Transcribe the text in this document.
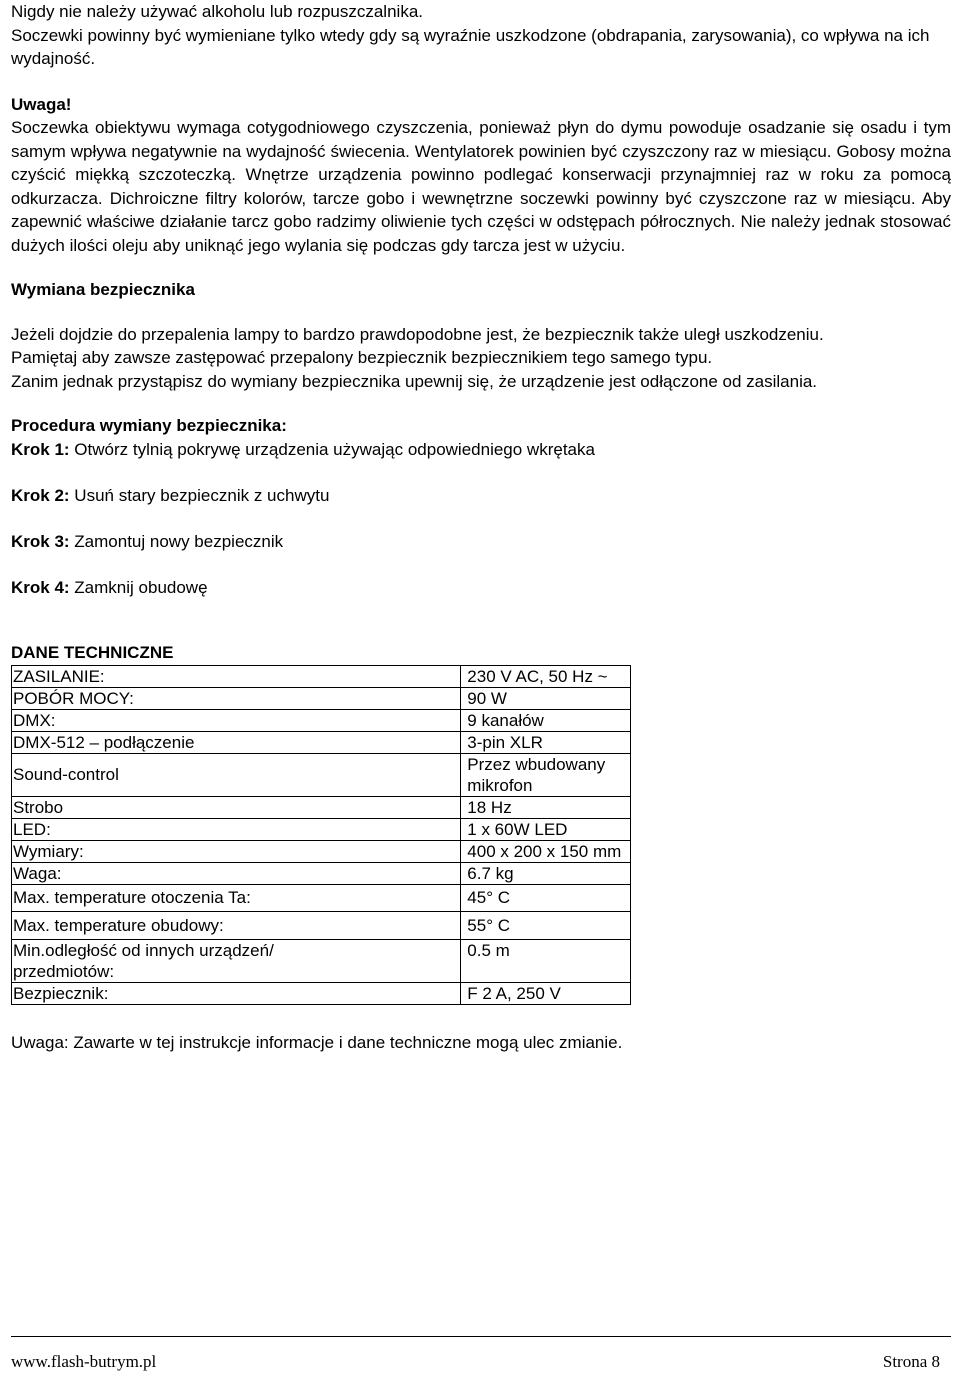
Nigdy nie należy używać alkoholu lub rozpuszczalnika.

Soczewki powinny być wymieniane tylko wtedy gdy są wyraźnie uszkodzone (obdrapania, zarysowania), co wpływa na ich wydajność.

Uwaga!

Soczewka obiektywu wymaga cotygodniowego czyszczenia, ponieważ płyn do dymu powoduje osadzanie się osadu i tym samym wpływa negatywnie na wydajność świecenia. Wentylatorek powinien być czyszczony raz w miesiącu. Gobosy można czyścić miękką szczoteczką. Wnętrze urządzenia powinno podlegać konserwacji przynajmniej raz w roku za pomocą odkurzacza. Dichroiczne filtry kolorów, tarcze gobo i wewnętrzne soczewki powinny być czyszczone raz w miesiącu. Aby zapewnić właściwe działanie tarcz gobo radzimy oliwienie tych części w odstępach półrocznych. Nie należy jednak stosować dużych ilości oleju aby uniknąć jego wylania się podczas gdy tarcza jest w użyciu.

Wymiana bezpiecznika

Jeżeli dojdzie do przepalenia lampy to bardzo prawdopodobne jest, że bezpiecznik także uległ uszkodzeniu.

Pamiętaj aby zawsze zastępować przepalony bezpiecznik bezpiecznikiem tego samego typu.

Zanim jednak przystąpisz do wymiany bezpiecznika upewnij się, że urządzenie jest odłączone od zasilania.

Procedura wymiany bezpiecznika:

Krok 1: Otwórz tylnią pokrywę urządzenia używając odpowiedniego wkrętaka

Krok 2: Usuń stary bezpiecznik z uchwytu

Krok 3: Zamontuj nowy bezpiecznik

Krok 4: Zamknij obudowę

DANE TECHNICZNE

ZASILANIE:	230 V AC, 50 Hz ~
POBÓR MOCY:	90 W
DMX:	9 kanałów
DMX-512 – podłączenie	3-pin XLR
Sound-control	Przez wbudowany mikrofon
Strobo	18 Hz
LED:	1 x 60W LED
Wymiary:	400 x 200 x 150 mm
Waga:	6.7 kg
Max. temperature otoczenia Ta:	45° C
Max. temperature obudowy:	55° C
Min.odległość od innych urządzeń/ przedmiotów:	0.5 m
Bezpiecznik:	F 2 A, 250 V

Uwaga: Zawarte w tej instrukcje informacje i dane techniczne mogą ulec zmianie.

www.flash-butrym.pl	Strona 8
